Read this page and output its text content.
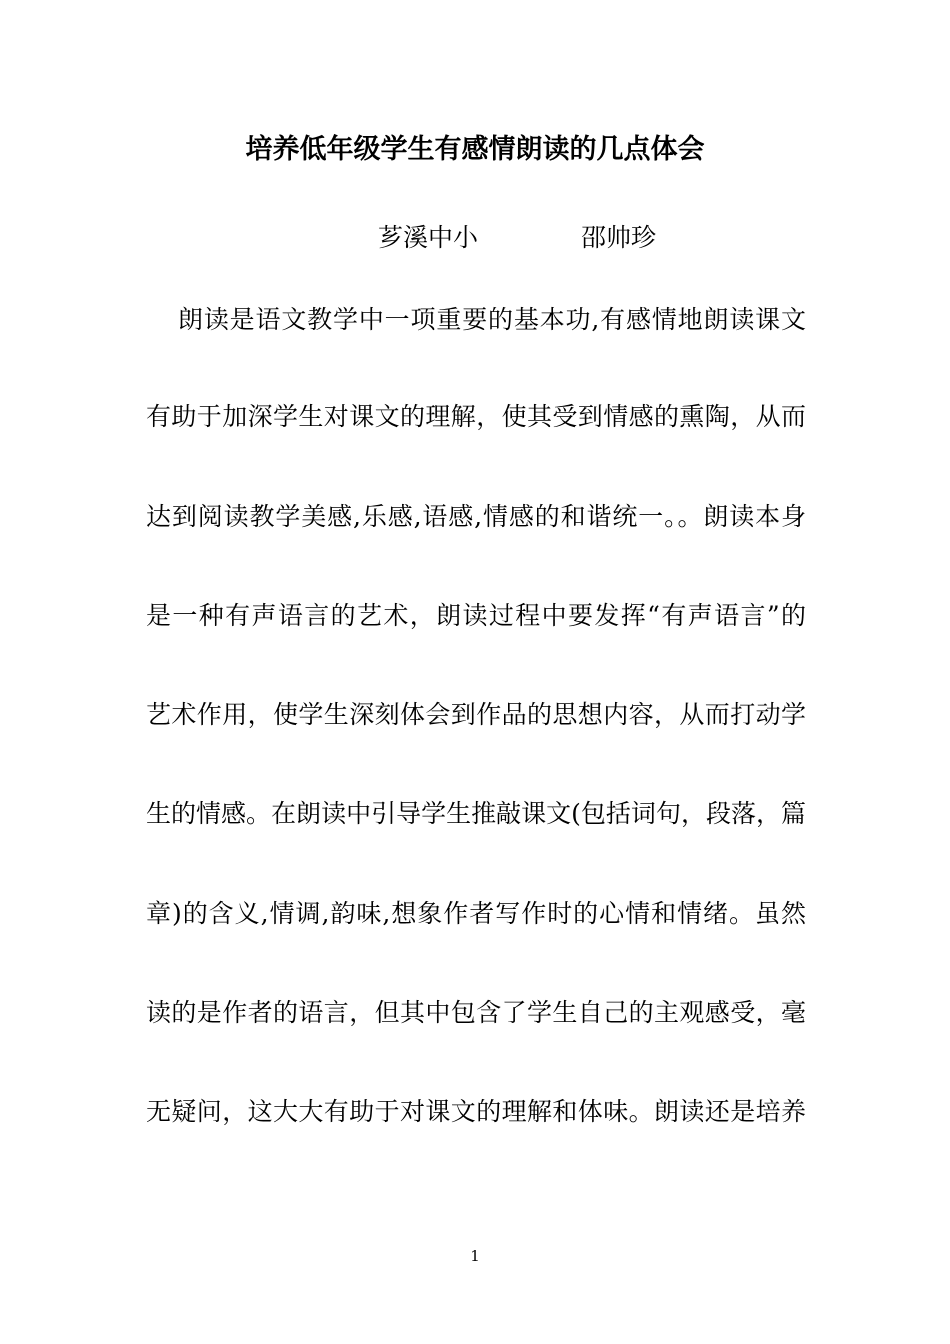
培养低年级学生有感情朗读的几点体会
芗溪中小	邵帅珍
朗读是语文教学中一项重要的基本功,有感情地朗读课文
有助于加深学生对课文的理解，使其受到情感的熏陶，从而
达到阅读教学美感,乐感,语感,情感的和谐统一。。朗读本身
是一种有声语言的艺术，朗读过程中要发挥“有声语言”的
艺术作用，使学生深刻体会到作品的思想内容，从而打动学
生的情感。在朗读中引导学生推敲课文(包括词句，段落，篇
章)的含义,情调,韵味,想象作者写作时的心情和情绪。虽然
读的是作者的语言，但其中包含了学生自己的主观感受，毫
无疑问，这大大有助于对课文的理解和体味。朗读还是培养
1
